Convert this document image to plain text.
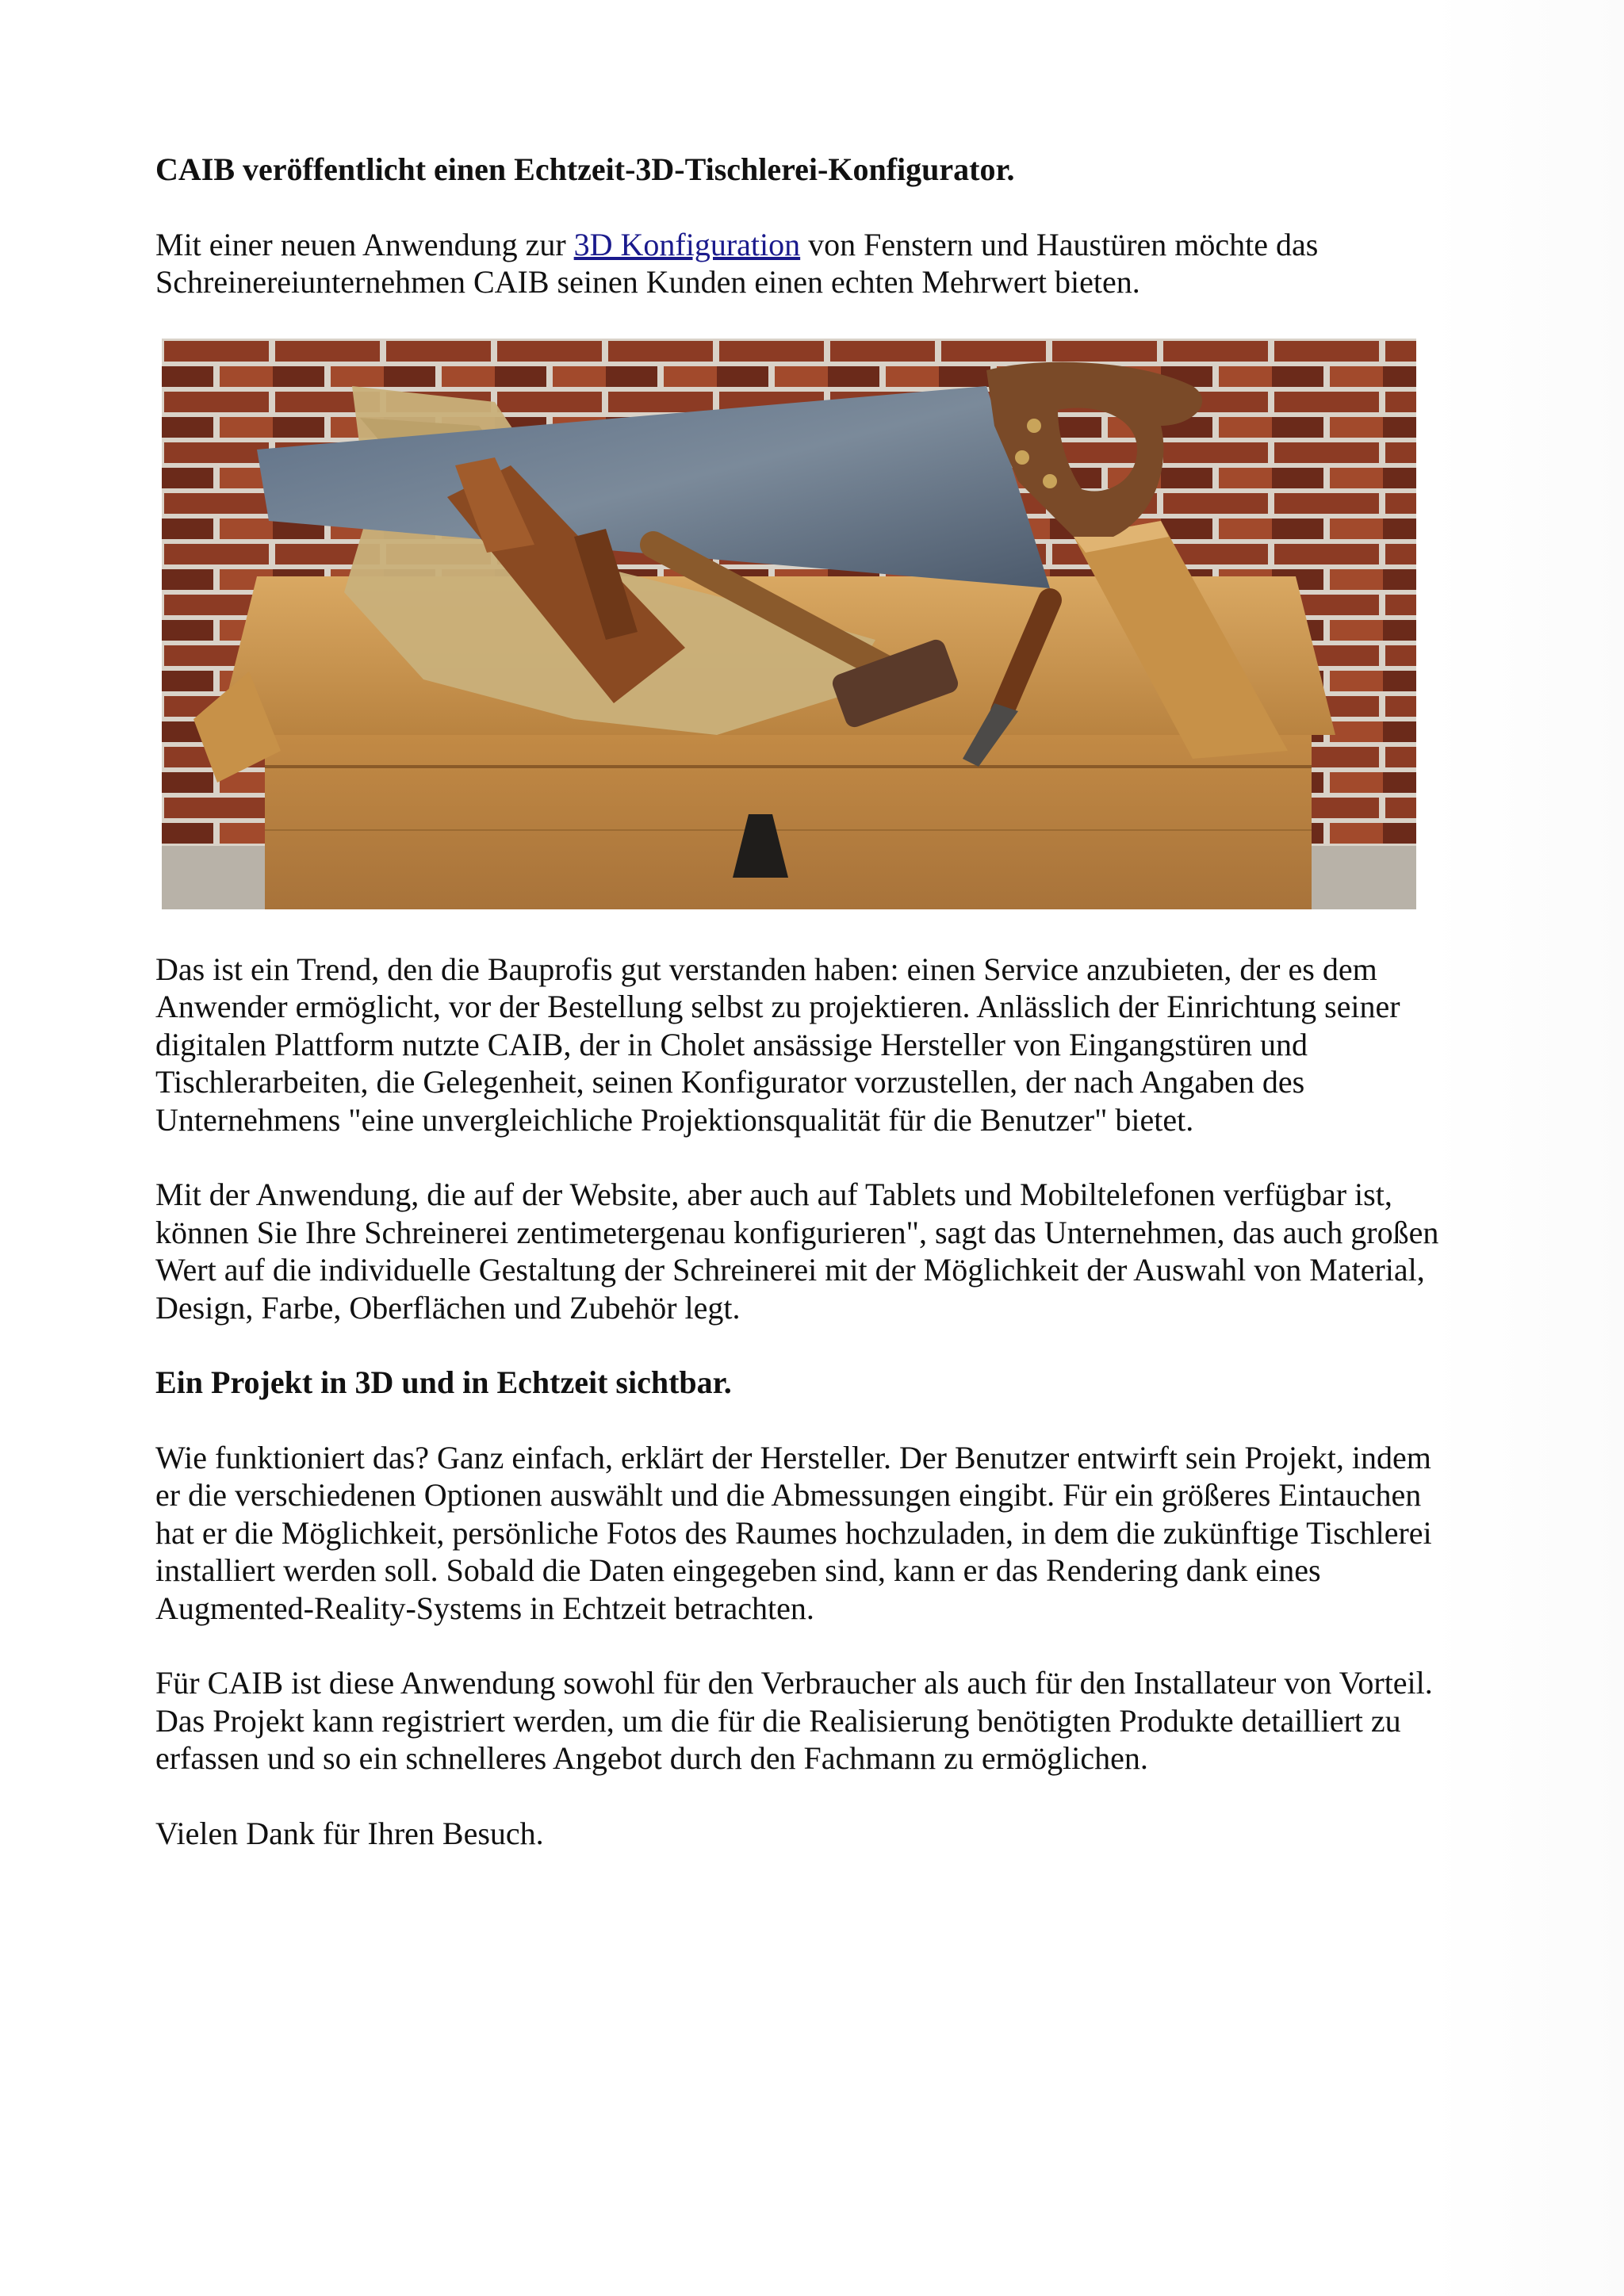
CAIB veröffentlicht einen Echtzeit-3D-Tischlerei-Konfigurator.

Mit einer neuen Anwendung zur 3D Konfiguration von Fenstern und Haustüren möchte das Schreinereiunternehmen CAIB seinen Kunden einen echten Mehrwert bieten.

Das ist ein Trend, den die Bauprofis gut verstanden haben: einen Service anzubieten, der es dem Anwender ermöglicht, vor der Bestellung selbst zu projektieren. Anlässlich der Einrichtung seiner digitalen Plattform nutzte CAIB, der in Cholet ansässige Hersteller von Eingangstüren und Tischlerarbeiten, die Gelegenheit, seinen Konfigurator vorzustellen, der nach Angaben des Unternehmens "eine unvergleichliche Projektionsqualität für die Benutzer" bietet.

Mit der Anwendung, die auf der Website, aber auch auf Tablets und Mobiltelefonen verfügbar ist, können Sie Ihre Schreinerei zentimetergenau konfigurieren", sagt das Unternehmen, das auch großen Wert auf die individuelle Gestaltung der Schreinerei mit der Möglichkeit der Auswahl von Material, Design, Farbe, Oberflächen und Zubehör legt.

Ein Projekt in 3D und in Echtzeit sichtbar.

Wie funktioniert das? Ganz einfach, erklärt der Hersteller. Der Benutzer entwirft sein Projekt, indem er die verschiedenen Optionen auswählt und die Abmessungen eingibt. Für ein größeres Eintauchen hat er die Möglichkeit, persönliche Fotos des Raumes hochzuladen, in dem die zukünftige Tischlerei installiert werden soll. Sobald die Daten eingegeben sind, kann er das Rendering dank eines Augmented-Reality-Systems in Echtzeit betrachten.

Für CAIB ist diese Anwendung sowohl für den Verbraucher als auch für den Installateur von Vorteil. Das Projekt kann registriert werden, um die für die Realisierung benötigten Produkte detailliert zu erfassen und so ein schnelleres Angebot durch den Fachmann zu ermöglichen.

Vielen Dank für Ihren Besuch.
